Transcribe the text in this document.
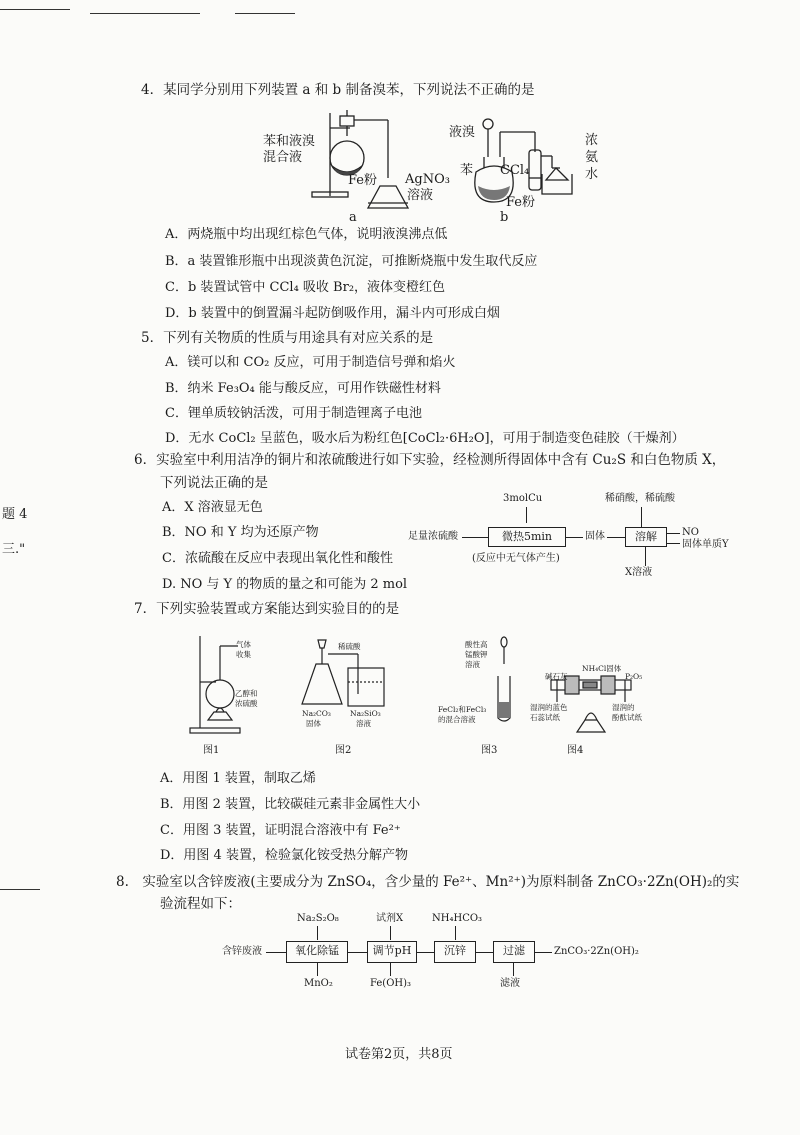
题 4
三."
4．某同学分别用下列装置 a 和 b 制备溴苯，下列说法不正确的是
苯和液溴
混合液
Fe粉 AgNO₃
溶液
a
液溴
苯 CCl₄
Fe粉
浓
氨
水
b
A．两烧瓶中均出现红棕色气体，说明液溴沸点低
B．a 装置锥形瓶中出现淡黄色沉淀，可推断烧瓶中发生取代反应
C．b 装置试管中 CCl₄ 吸收 Br₂，液体变橙红色
D．b 装置中的倒置漏斗起防倒吸作用，漏斗内可形成白烟
5．下列有关物质的性质与用途具有对应关系的是
A．镁可以和 CO₂ 反应，可用于制造信号弹和焰火
B．纳米 Fe₃O₄ 能与酸反应，可用作铁磁性材料
C．锂单质较钠活泼，可用于制造锂离子电池
D．无水 CoCl₂ 呈蓝色，吸水后为粉红色[CoCl₂·6H₂O]，可用于制造变色硅胶（干燥剂）
6．实验室中利用洁净的铜片和浓硫酸进行如下实验，经检测所得固体中含有 Cu₂S 和白色物质 X，
下列说法正确的是
A．X 溶液显无色
B．NO 和 Y 均为还原产物
C．浓硫酸在反应中表现出氧化性和酸性
D. NO 与 Y 的物质的量之和可能为 2 mol
3molCu	稀硝酸，稀硫酸
足量浓硫酸	微热5min
(反应中无气体产生)
固体	溶解	NO
固体单质Y
X溶液
7．下列实验装置或方案能达到实验目的的是
气体
收集
乙醇和
浓硫酸
图1
稀硫酸
Na₂CO₃
固体
Na₂SiO₃
溶液
图2
酸性高
锰酸钾
溶液
FeCl₂和FeCl₃
的混合溶液
图3
NH₄Cl固体
碱石灰	P₂O₅
湿润的蓝色
石蕊试纸
湿润的
酚酞试纸
图4
A．用图 1 装置，制取乙烯
B．用图 2 装置，比较碳硅元素非金属性大小
C．用图 3 装置，证明混合溶液中有 Fe²⁺
D．用图 4 装置，检验氯化铵受热分解产物
8.　实验室以含锌废液(主要成分为 ZnSO₄，含少量的 Fe²⁺、Mn²⁺)为原料制备 ZnCO₃·2Zn(OH)₂的实
验流程如下：
Na₂S₂O₈	试剂X	NH₄HCO₃
含锌废液	氧化除锰	调节pH	沉锌	过滤	ZnCO₃·2Zn(OH)₂
MnO₂	Fe(OH)₃	滤液
试卷第2页，共8页
